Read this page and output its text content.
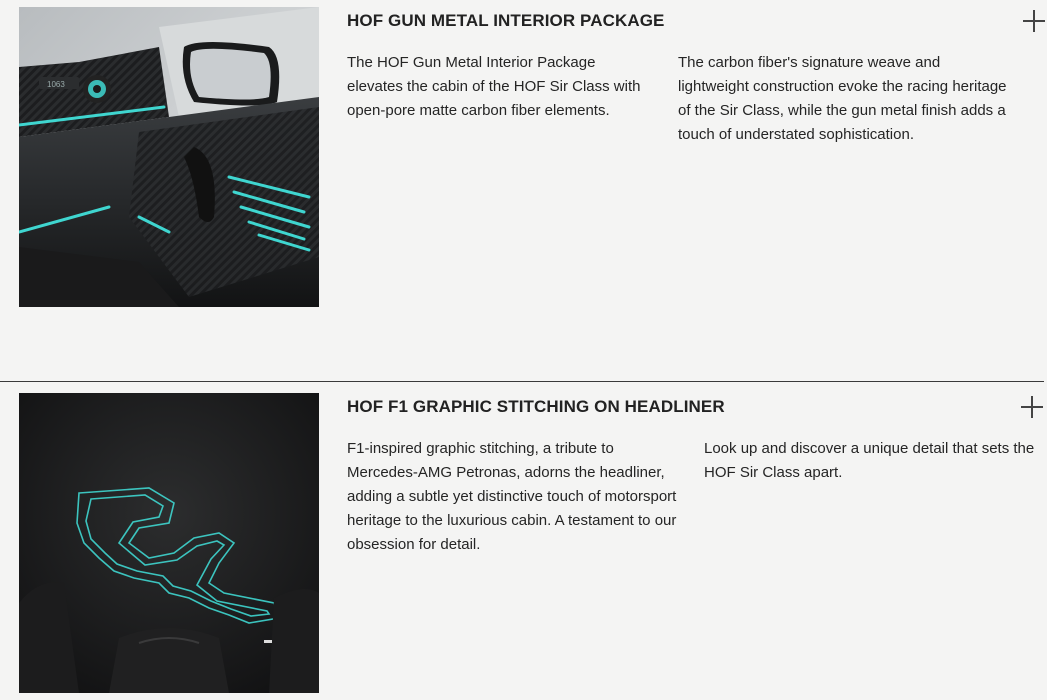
1063
HOF GUN METAL INTERIOR PACKAGE

The HOF Gun Metal Interior Package elevates the cabin of the HOF Sir Class with open-pore matte carbon fiber elements.

The carbon fiber's signature weave and lightweight construction evoke the racing heritage of the Sir Class, while the gun metal finish adds a touch of understated sophistication.

HOF F1 GRAPHIC STITCHING ON HEADLINER

F1-inspired graphic stitching, a tribute to Mercedes-AMG Petronas, adorns the headliner, adding a subtle yet distinctive touch of motorsport heritage to the luxurious cabin. A testament to our obsession for detail.

Look up and discover a unique detail that sets the HOF Sir Class apart.
